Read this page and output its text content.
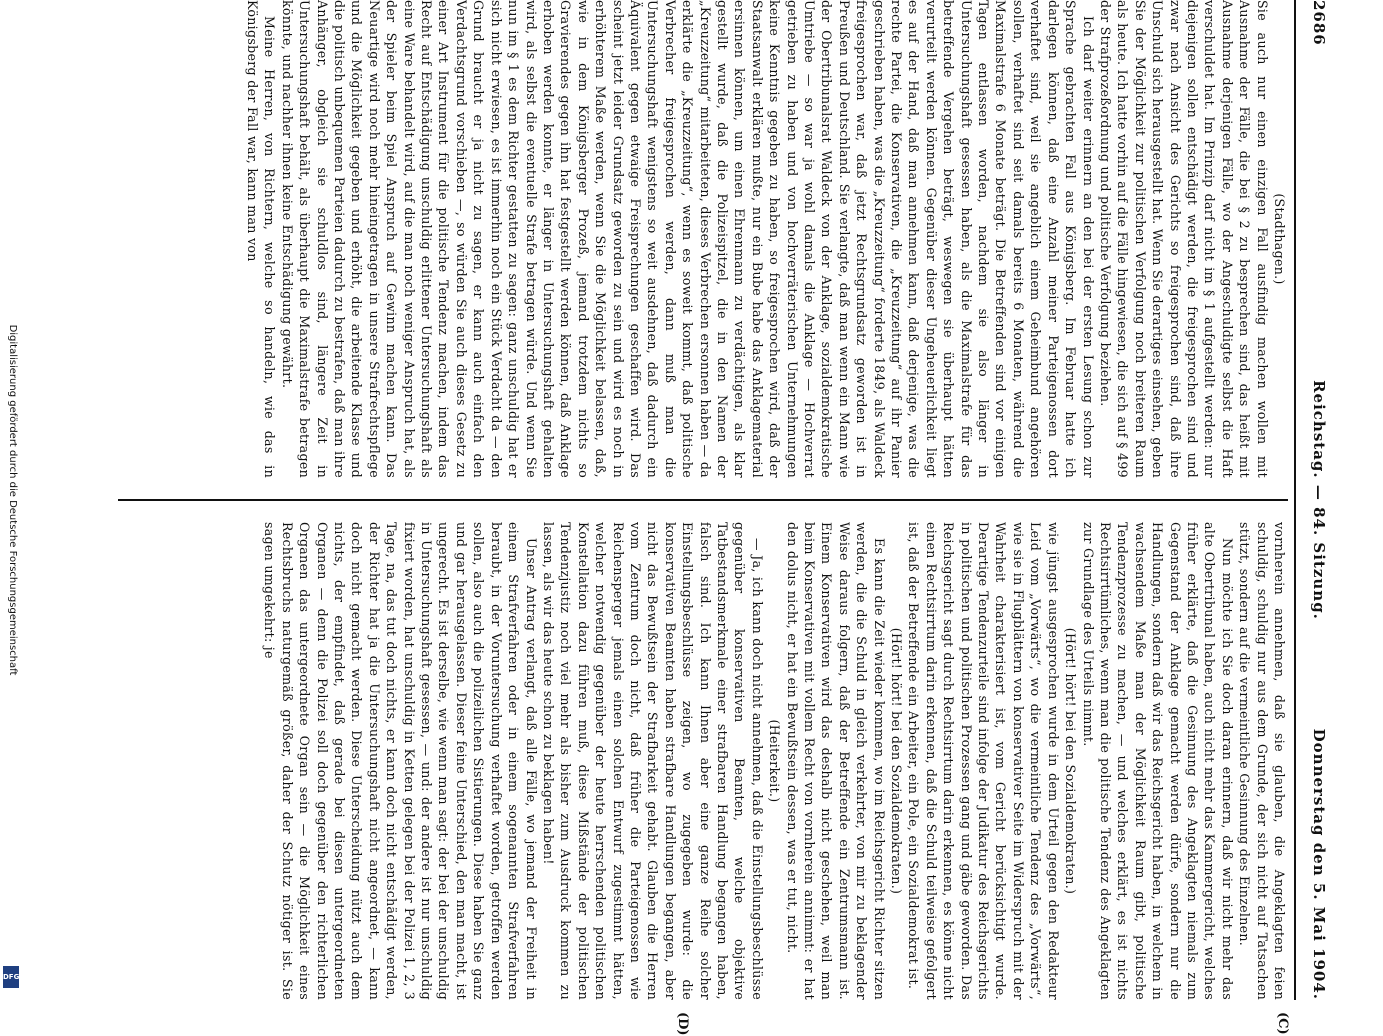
Digitalisierung gefördert durch die Deutsche Forschungsgemeinschaft
DFG
2686
Reichstag. — 84. Sitzung.
Donnerstag den 5. Mai 1904.
(C)
(D)

(Stadthagen.)

Sie auch nur einen einzigen Fall ausfindig machen wollen mit Ausnahme der Fälle, die bei § 2 zu besprechen sind, das heißt mit Ausnahme derjenigen Fälle, wo der Angeschuldigte selbst die Haft verschuldet hat. Im Prinzip darf nicht im § 1 aufgestellt werden: nur diejenigen sollen entschädigt werden, die freigesprochen sind und zwar nach Ansicht des Gerichts so freigesprochen sind, daß ihre Unschuld sich herausgestellt hat. Wenn Sie derartiges einsehen, geben Sie der Möglichkeit zur politischen Verfolgung noch breiteren Raum als heute. Ich hatte vorhin auf die Fälle hingewiesen, die sich auf § 499 der Strafprozeßordnung und politische Verfolgung beziehen.

Ich darf weiter erinnern an den bei der ersten Lesung schon zur Sprache gebrachten Fall aus Königsberg. Im Februar hatte ich darlegen können, daß eine Anzahl meiner Parteigenossen dort verhaftet sind, weil sie angeblich einem Geheimbund angehören sollen, verhaftet sind seit damals bereits 6 Monaten, während die Maximalstrafe 6 Monate beträgt. Die Betreffenden sind vor einigen Tagen entlassen worden, nachdem sie also länger in Untersuchungshaft gesessen haben, als die Maximalstrafe für das betreffende Vergehen beträgt, weswegen sie überhaupt hätten verurteilt werden können. Gegenüber dieser Ungeheuerlichkeit liegt es auf der Hand, daß man annehmen kann, daß derjenige, was die rechte Partei, die Konservativen, die „Kreuzzeitung“ auf ihr Panier geschrieben haben, was die „Kreuzzeitung“ forderte 1849, als Waldeck freigesprochen war, daß jetzt Rechtsgrundsatz geworden ist in Preußen und Deutschland. Sie verlangte, daß man wenn ein Mann wie der Obertribunalsrat Waldeck von der Anklage, sozialdemokratische Umtriebe — so war ja wohl damals die Anklage — Hochverrat getrieben zu haben und von hochverräterischen Unternehmungen keine Kenntnis gegeben zu haben, so freigesprochen wird, daß der Staatsanwalt erklären mußte, nur ein Bube habe das Anklagematerial ersinnen können, um einen Ehrenmann zu verdächtigen, als klar gestellt wurde, daß die Polizeispitzel, die in den Namen der „Kreuzzeitung“ mitarbeiteten, dieses Verbrechen ersonnen haben — da erklärte die „Kreuzzeitung“, wenn es soweit kommt, daß politische Verbrecher freigesprochen werden, dann muß man die Untersuchungshaft wenigstens so weit ausdehnen, daß dadurch ein Äquivalent gegen etwaige Freisprechungen geschaffen wird. Das scheint jetzt leider Grundsatz geworden zu sein und wird es noch in erhöhterem Maße werden, wenn Sie die Möglichkeit belassen, daß, wie in dem Königsberger Prozeß, jemand trotzdem nichts so Gravierendes gegen ihn hat festgestellt werden können, daß Anklage erhoben werden konnte, er länger in Untersuchungshaft gehalten wird, als selbst die eventuelle Strafe betragen würde. Und wenn Sie nun im § 1 es dem Richter gestatten zu sagen: ganz unschuldig hat er sich nicht erwiesen, es ist immerhin noch ein Stück Verdacht da — den Grund braucht er ja nicht zu sagen, er kann auch einfach den Verdachtsgrund vorschieben —, so würden Sie auch dieses Gesetz zu einer Art Instrument für die politische Tendenz machen, indem das Recht auf Entschädigung unschuldig erlittener Untersuchungshaft als eine Ware behandelt wird, auf die man noch weniger Anspruch hat, als der Spieler beim Spiel Anspruch auf Gewinn machen kann. Das Neuartige wird noch mehr hineingetragen in unsere Strafrechtspflege und die Möglichkeit gegeben und erhöht, die arbeitende Klasse und die politisch unbequemen Parteien dadurch zu bestrafen, daß man ihre Anhänger, obgleich sie schuldlos sind, längere Zeit in Untersuchungshaft behält, als überhaupt die Maximalstrafe betragen könnte, und nachher ihnen keine Entschädigung gewährt.

Meine Herren, von Richtern, welche so handeln, wie das in Königsberg der Fall war, kann man von

vornherein annehmen, daß sie glauben, die Angeklagten feien schuldig, schuldig nur aus dem Grunde, der sich nicht auf Tatsachen stützt, sondern auf die vermeintliche Gesinnung des Einzelnen.

Nun möchte ich Sie doch daran erinnern, daß wir nicht mehr das alte Obertribunal haben, auch nicht mehr das Kammergericht, welches früher erklärte, daß die Gesinnung des Angeklagten niemals zum Gegenstand der Anklage gemacht werden dürfe, sondern nur die Handlungen, sondern daß wir das Reichsgericht haben, in welchem in wachsendem Maße man der Möglichkeit Raum gibt, politische Tendenzprozesse zu machen, — und welches erklärt, es ist nichts Rechtsirrtümliches, wenn man die politische Tendenz des Angeklagten zur Grundlage des Urteils nimmt.

(Hört! hört! bei den Sozialdemokraten.)

wie jüngst ausgesprochen wurde in dem Urteil gegen den Redakteur Leid vom „Vorwärts“, wo die vermeintliche Tendenz des „Vorwärts“, wie sie in Flugblättern von konservativer Seite im Widerspruch mit der Wahrheit charakterisiert ist, vom Gericht berücksichtigt wurde. Derartige Tendenzurteile sind infolge der Judikatur des Reichsgerichts in politischen und politischen Prozessen gang und gäbe geworden. Das Reichsgericht sagt durch Rechtsirrtum darin erkennen, es könne nicht einen Rechtsirrtum darin erkennen, daß die Schuld teilweise gefolgert ist, daß der Betreffende ein Arbeiter, ein Pole, ein Sozialdemokrat ist.

(Hört! hört! bei den Sozialdemokraten.)

Es kann die Zeit wieder kommen, wo im Reichsgericht Richter sitzen werden, die die Schuld in gleich verkehrter, von mir zu beklagender Weise daraus folgern, daß der Betreffende ein Zentrumsmann ist. Einem Konservativen wird das deshalb nicht geschehen, weil man beim Konservativen mit vollem Recht von vornherein annimmt: er hat den dolus nicht, er hat ein Bewußtsein dessen, was er tut, nicht.

(Heiterkeit.)

— Ja, ich kann doch nicht annehmen, daß die Einstellungsbeschlüsse gegenüber konservativen Beamten, welche objektive Tatbestandsmerkmale einer strafbaren Handlung begangen haben, falsch sind. Ich kann Ihnen aber eine ganze Reihe solcher Einstellungsbeschlüsse zeigen, wo zugegeben wurde: die konservativen Beamten haben strafbare Handlungen begangen, aber nicht das Bewußtsein der Strafbarkeit gehabt. Glauben die Herren vom Zentrum doch nicht, daß früher die Parteigenossen wie Reichensperger jemals einen solchen Entwurf zugestimmt hätten, welcher notwendig gegenüber der heute herrschenden politischen Konstellation dazu führen muß, diese Mißstände der politischen Tendenzjustiz noch viel mehr als bisher zum Ausdruck kommen zu lassen, als wir das heute schon zu beklagen haben!

Unser Antrag verlangt, daß alle Fälle, wo jemand der Freiheit in einem Strafverfahren oder in einem sogenannten Strafverfahren beraubt, in der Voruntersuchung verhaftet worden, getroffen werden sollen, also auch die polizeilichen Sistierungen. Diese haben Sie ganz und gar herausgelassen. Dieser feine Unterschied, den man macht, ist ungerecht. Es ist derselbe, wie wenn man sagt: der bei der unschuldig in Untersuchungshaft gesessen, — und: der andere ist nur unschuldig fixiert worden, hat unschuldig in Ketten gelegen bei der Polizei 1, 2, 3 Tage, na, das tut doch nichts, er kann doch nicht entschädigt werden, der Richter hat ja die Untersuchungshaft nicht angeordnet, — kann doch nicht gemacht werden. Diese Unterscheidung nützt auch dem nichts, der empfindet, daß gerade bei diesen untergeordneten Organen — denn die Polizei soll doch gegenüber den richterlichen Organen das untergeordnete Organ sein — die Möglichkeit eines Rechtsbruchs naturgemäß größer, daher der Schutz nötiger ist. Sie sagen umgekehrt: je
